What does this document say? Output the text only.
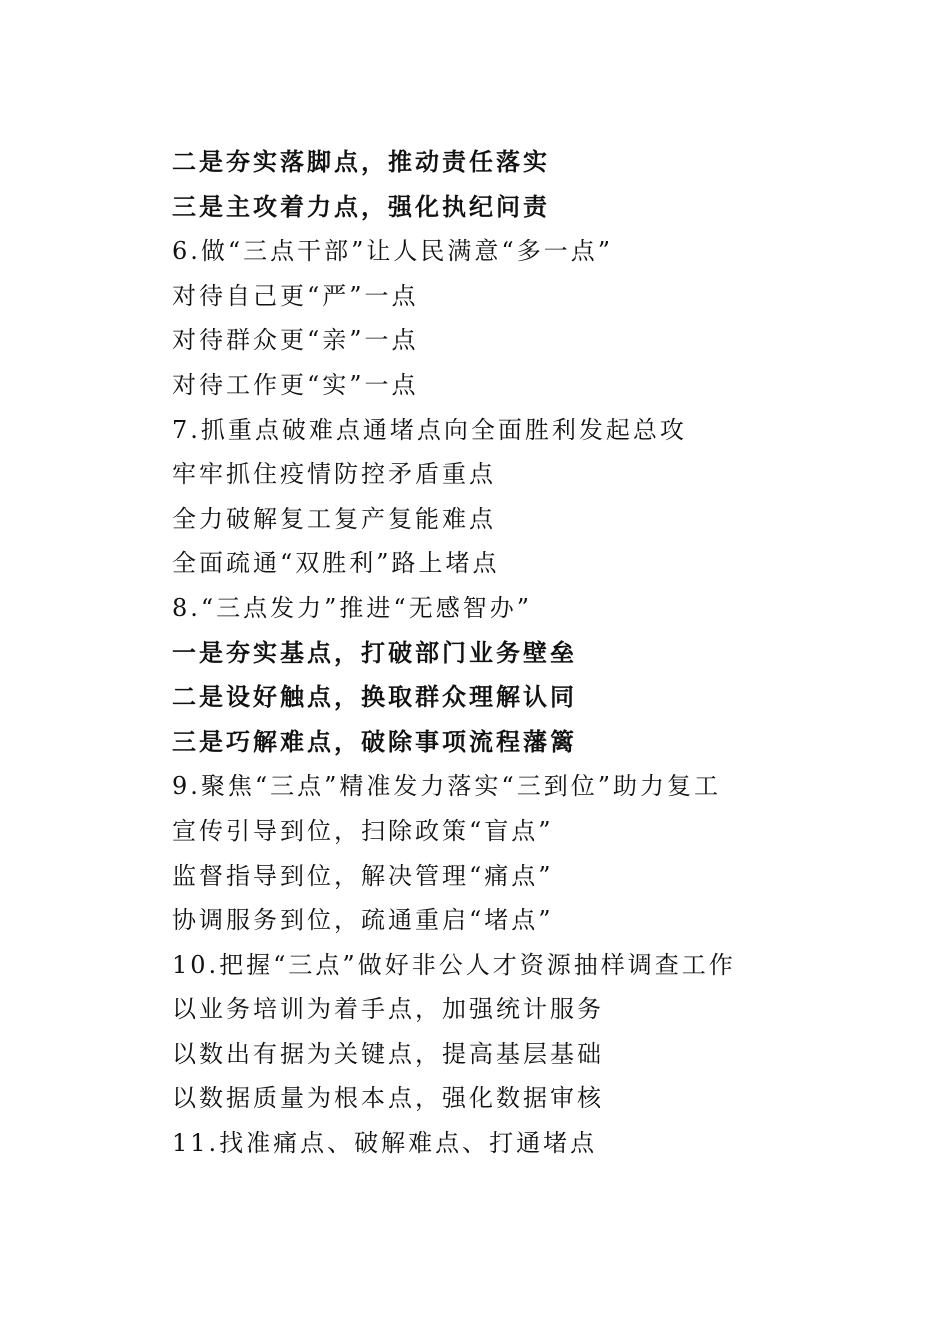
二是夯实落脚点，推动责任落实
三是主攻着力点，强化执纪问责
6.做“三点干部”让人民满意“多一点”
对待自己更“严”一点
对待群众更“亲”一点
对待工作更“实”一点
7.抓重点破难点通堵点向全面胜利发起总攻
牢牢抓住疫情防控矛盾重点
全力破解复工复产复能难点
全面疏通“双胜利”路上堵点
8.“三点发力”推进“无感智办”
一是夯实基点，打破部门业务壁垒
二是设好触点，换取群众理解认同
三是巧解难点，破除事项流程藩篱
9.聚焦“三点”精准发力落实“三到位”助力复工
宣传引导到位，扫除政策“盲点”
监督指导到位，解决管理“痛点”
协调服务到位，疏通重启“堵点”
10.把握“三点”做好非公人才资源抽样调查工作
以业务培训为着手点，加强统计服务
以数出有据为关键点，提高基层基础
以数据质量为根本点，强化数据审核
11.找准痛点、破解难点、打通堵点
